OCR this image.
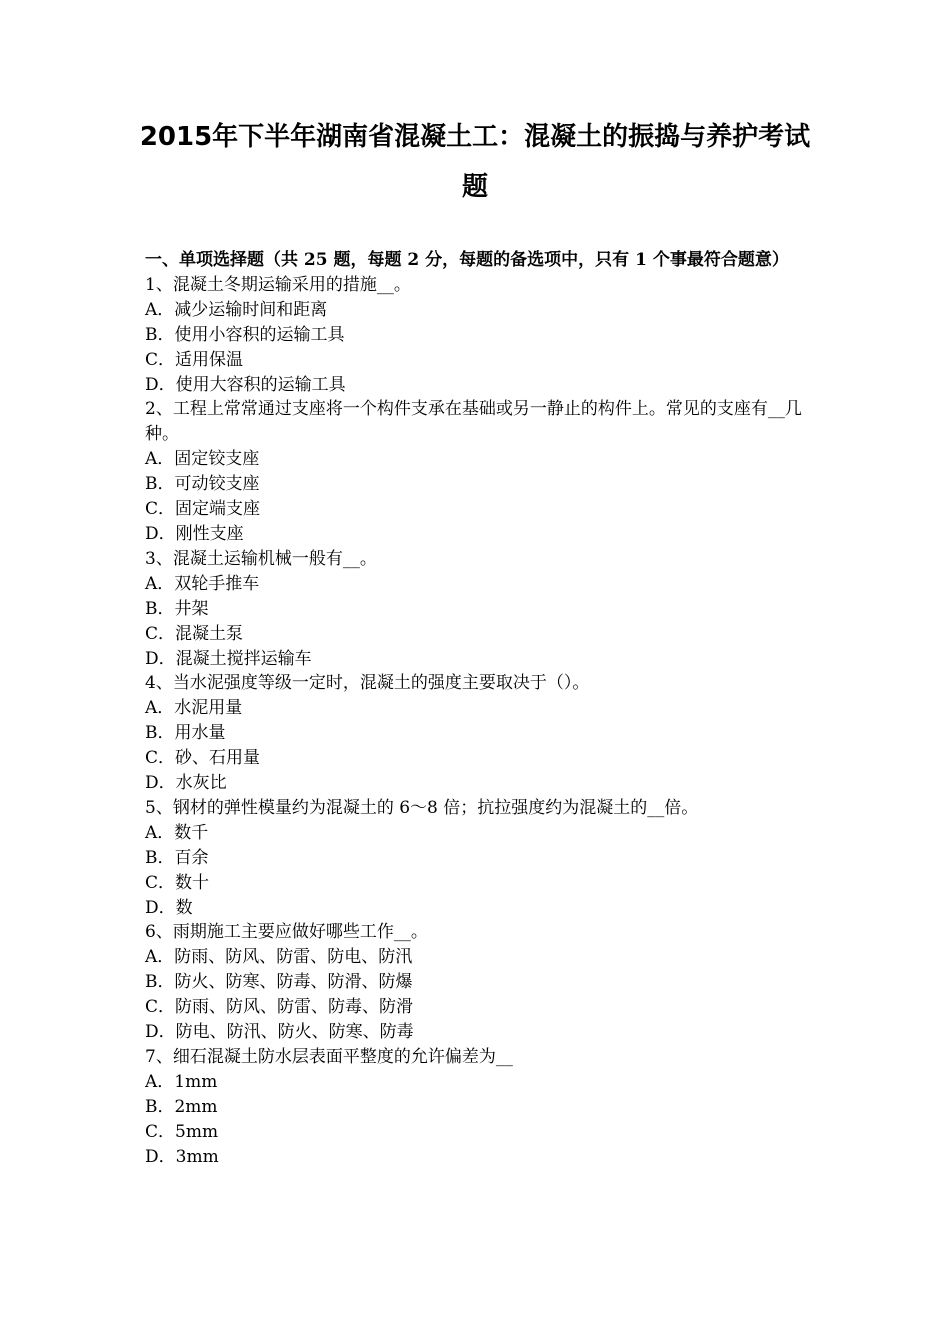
2015年下半年湖南省混凝土工：混凝土的振捣与养护考试
题

一、单项选择题（共 25 题，每题 2 分，每题的备选项中，只有 1 个事最符合题意）

1、混凝土冬期运输采用的措施__。

A．减少运输时间和距离

B．使用小容积的运输工具

C．适用保温

D．使用大容积的运输工具

2、工程上常常通过支座将一个构件支承在基础或另一静止的构件上。常见的支座有__几种。

A．固定铰支座

B．可动铰支座

C．固定端支座

D．刚性支座

3、混凝土运输机械一般有__。

A．双轮手推车

B．井架

C．混凝土泵

D．混凝土搅拌运输车

4、当水泥强度等级一定时，混凝土的强度主要取决于（）。

A．水泥用量

B．用水量

C．砂、石用量

D．水灰比

5、钢材的弹性模量约为混凝土的 6～8 倍；抗拉强度约为混凝土的__倍。

A．数千

B．百余

C．数十

D．数

6、雨期施工主要应做好哪些工作__。

A．防雨、防风、防雷、防电、防汛

B．防火、防寒、防毒、防滑、防爆

C．防雨、防风、防雷、防毒、防滑

D．防电、防汛、防火、防寒、防毒

7、细石混凝土防水层表面平整度的允许偏差为__

A．1mm

B．2mm

C．5mm

D．3mm
